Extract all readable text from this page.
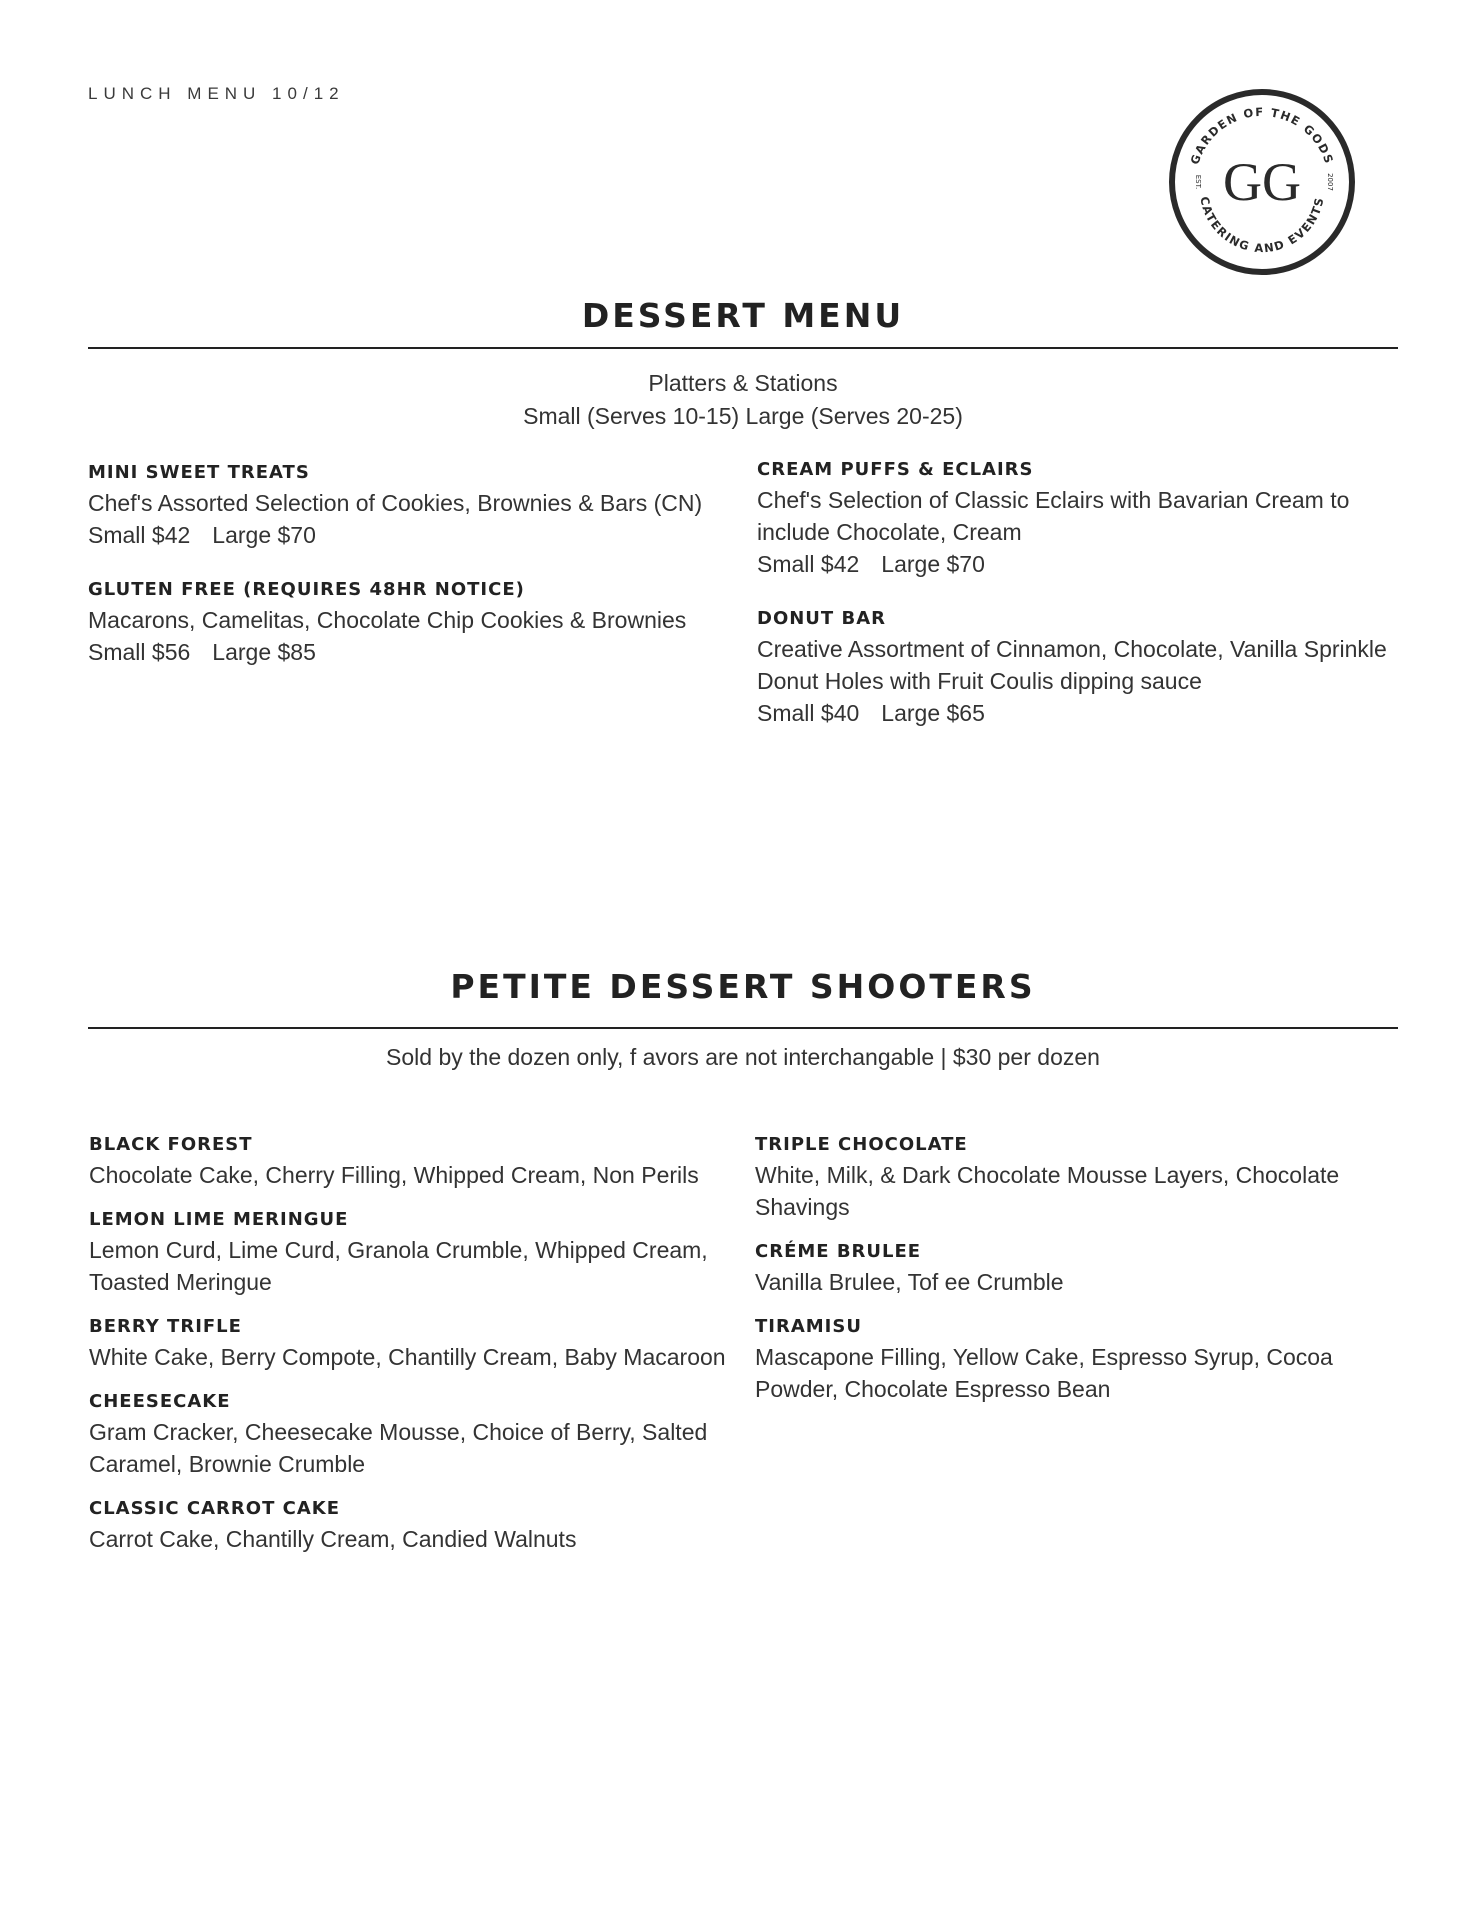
LUNCH MENU 10/12
GARDEN OF THE GODS
CATERING AND EVENTS
GG
EST.	2007
DESSERT MENU
Platters & Stations
Small (Serves 10-15) Large (Serves 20-25)
MINI SWEET TREATS
Chef's Assorted Selection of Cookies, Brownies & Bars (CN)
Small $42 Large $70
GLUTEN FREE (REQUIRES 48HR NOTICE)
Macarons, Camelitas, Chocolate Chip Cookies & Brownies
Small $56 Large $85
CREAM PUFFS & ECLAIRS
Chef's Selection of Classic Eclairs with Bavarian Cream to include Chocolate, Cream
Small $42 Large $70
DONUT BAR
Creative Assortment of Cinnamon, Chocolate, Vanilla Sprinkle Donut Holes with Fruit Coulis dipping sauce
Small $40 Large $65
PETITE DESSERT SHOOTERS
Sold by the dozen only, f avors are not interchangable | $30 per dozen
BLACK FOREST
Chocolate Cake, Cherry Filling, Whipped Cream, Non Perils
LEMON LIME MERINGUE
Lemon Curd, Lime Curd, Granola Crumble, Whipped Cream, Toasted Meringue
BERRY TRIFLE
White Cake, Berry Compote, Chantilly Cream, Baby Macaroon
CHEESECAKE
Gram Cracker, Cheesecake Mousse, Choice of Berry, Salted Caramel, Brownie Crumble
CLASSIC CARROT CAKE
Carrot Cake, Chantilly Cream, Candied Walnuts
TRIPLE CHOCOLATE
White, Milk, & Dark Chocolate Mousse Layers, Chocolate Shavings
CRÉME BRULEE
Vanilla Brulee, Tof ee Crumble
TIRAMISU
Mascapone Filling, Yellow Cake, Espresso Syrup, Cocoa Powder, Chocolate Espresso Bean
